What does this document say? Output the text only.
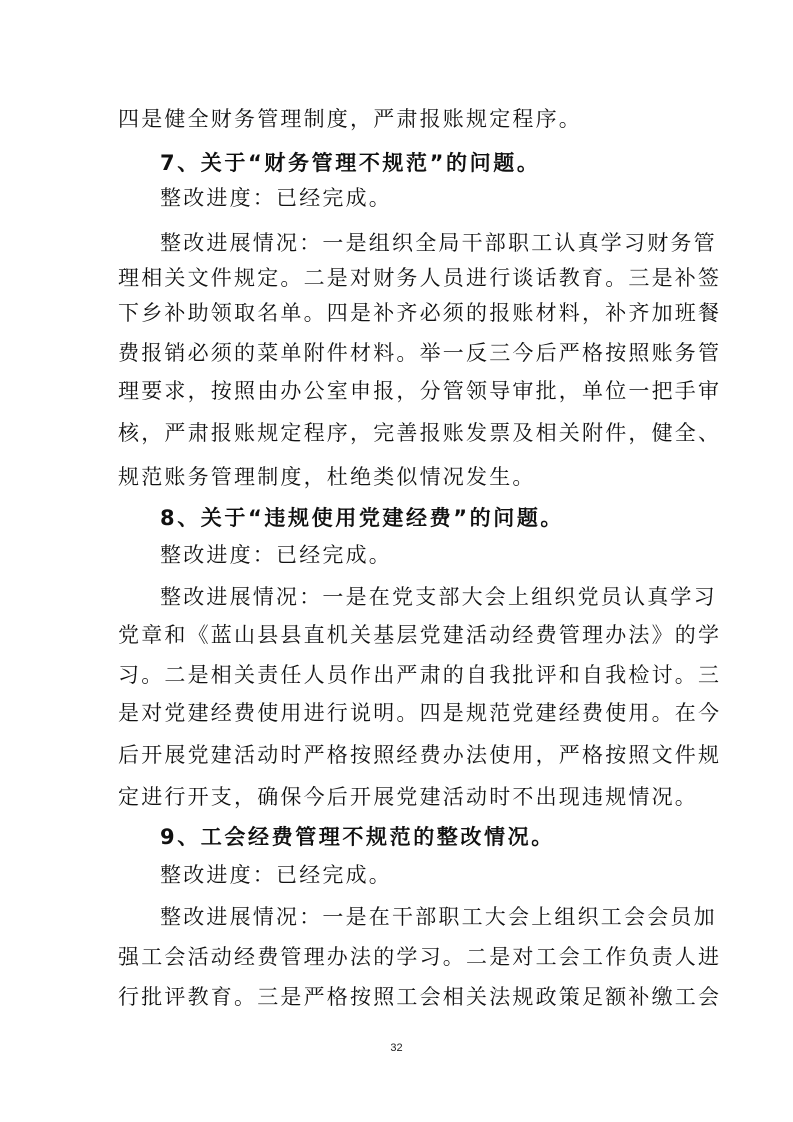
四是健全财务管理制度，严肃报账规定程序。
7、关于“财务管理不规范”的问题。
整改进度：已经完成。
整改进展情况：一是组织全局干部职工认真学习财务管
理相关文件规定。二是对财务人员进行谈话教育。三是补签
下乡补助领取名单。四是补齐必须的报账材料，补齐加班餐
费报销必须的菜单附件材料。举一反三今后严格按照账务管
理要求，按照由办公室申报，分管领导审批，单位一把手审
核，严肃报账规定程序，完善报账发票及相关附件，健全、
规范账务管理制度，杜绝类似情况发生。
8、关于“违规使用党建经费”的问题。
整改进度：已经完成。
整改进展情况：一是在党支部大会上组织党员认真学习
党章和《蓝山县县直机关基层党建活动经费管理办法》的学
习。二是相关责任人员作出严肃的自我批评和自我检讨。三
是对党建经费使用进行说明。四是规范党建经费使用。在今
后开展党建活动时严格按照经费办法使用，严格按照文件规
定进行开支，确保今后开展党建活动时不出现违规情况。
9、工会经费管理不规范的整改情况。
整改进度：已经完成。
整改进展情况：一是在干部职工大会上组织工会会员加
强工会活动经费管理办法的学习。二是对工会工作负责人进
行批评教育。三是严格按照工会相关法规政策足额补缴工会
32
